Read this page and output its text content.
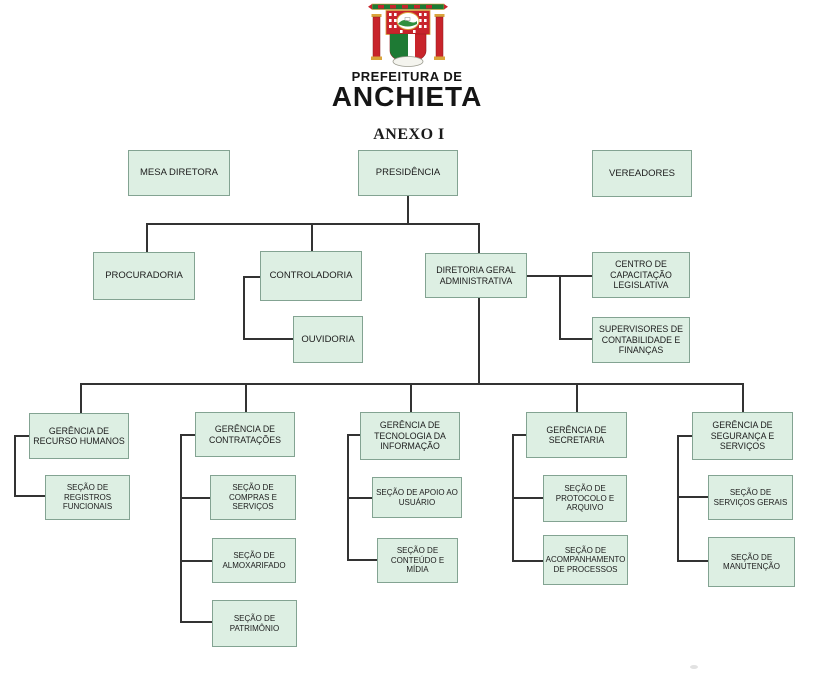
PREFEITURA DE
ANCHIETA
ANEXO I
MESA DIRETORA	PRESIDÊNCIA	VEREADORES
PROCURADORIA	CONTROLADORIA
DIRETORIA GERAL ADMINISTRATIVA
CENTRO DE CAPACITAÇÃO LEGISLATIVA
OUVIDORIA
SUPERVISORES DE CONTABILIDADE E FINANÇAS
GERÊNCIA DE RECURSO HUMANOS
GERÊNCIA DE CONTRATAÇÕES
GERÊNCIA DE TECNOLOGIA DA INFORMAÇÃO
GERÊNCIA DE SECRETARIA
GERÊNCIA DE SEGURANÇA E SERVIÇOS
SEÇÃO DE REGISTROS FUNCIONAIS
SEÇÃO DE COMPRAS E SERVIÇOS
SEÇÃO DE ALMOXARIFADO
SEÇÃO DE PATRIMÔNIO
SEÇÃO DE APOIO AO USUÁRIO
SEÇÃO DE CONTEÚDO E MÍDIA
SEÇÃO DE PROTOCOLO E ARQUIVO
SEÇÃO DE ACOMPANHAMENTO DE PROCESSOS
SEÇÃO DE SERVIÇOS GERAIS
SEÇÃO DE MANUTENÇÃO
